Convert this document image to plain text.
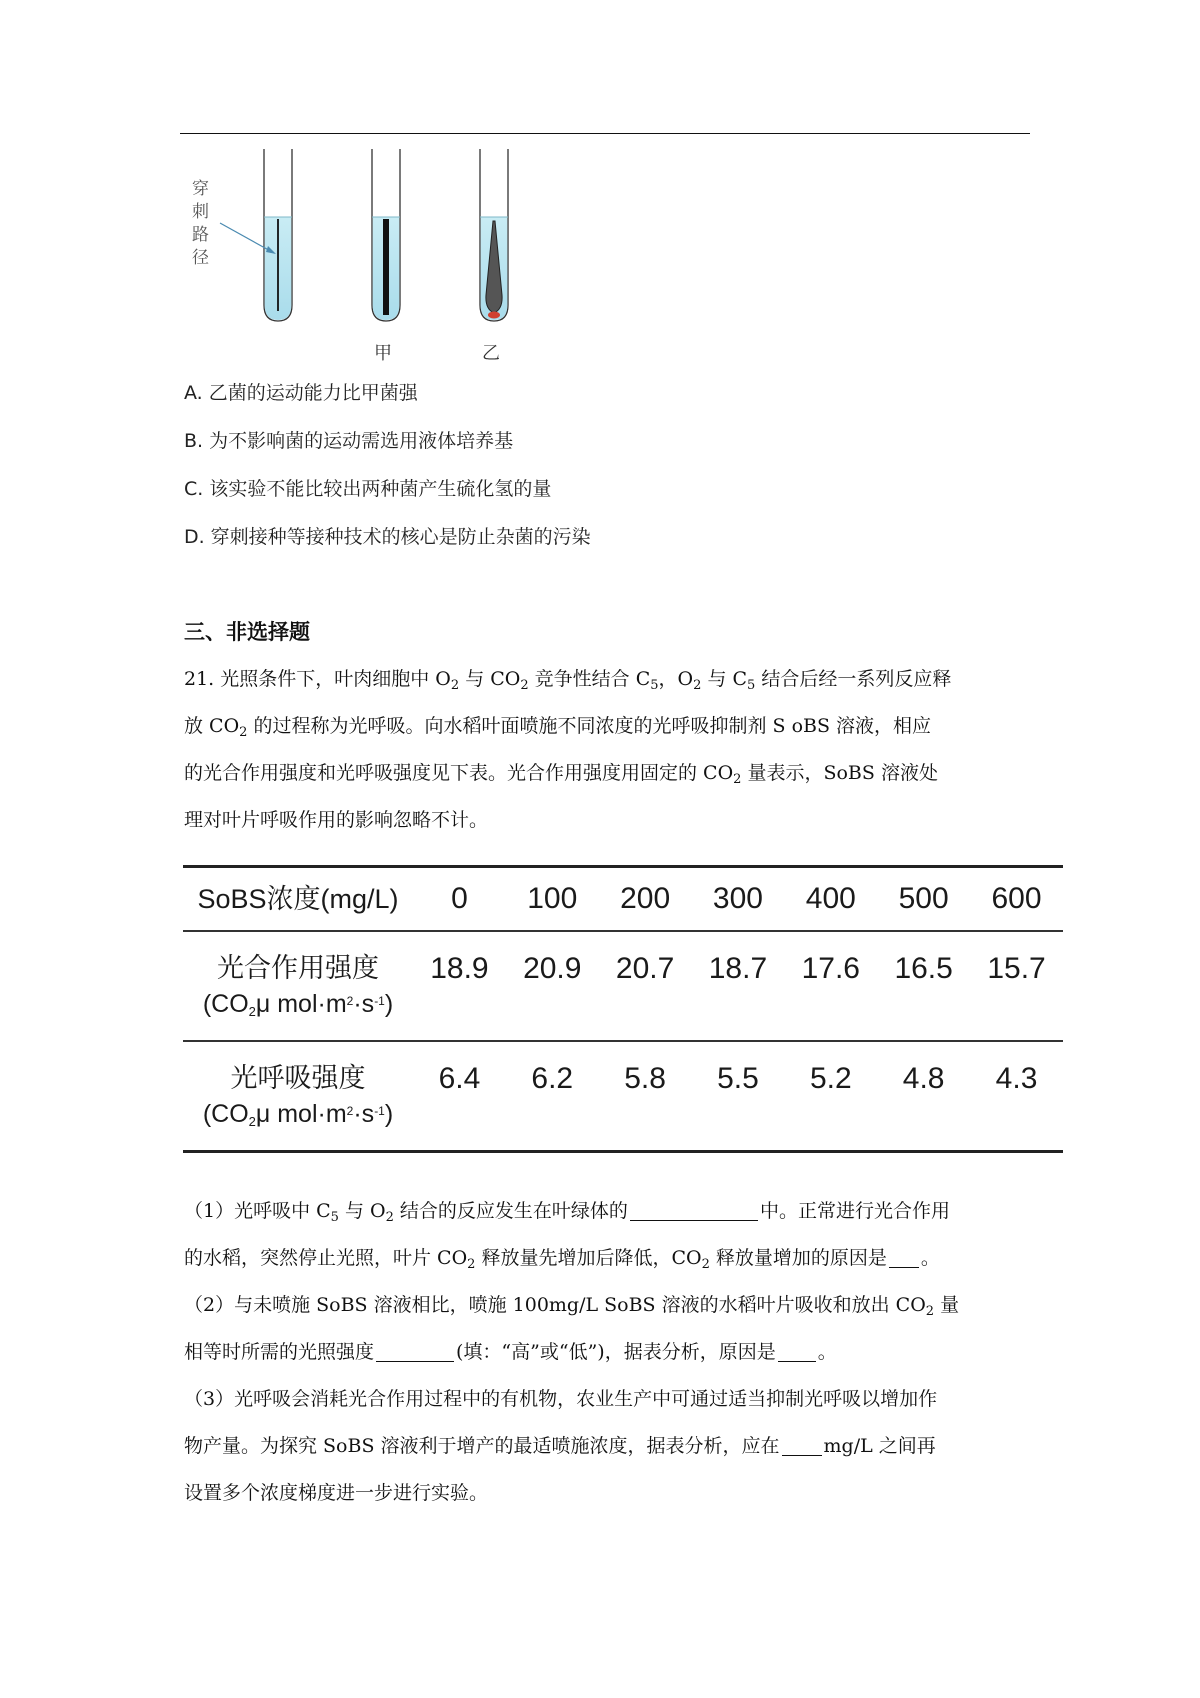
穿刺路径
甲	乙
A. 乙菌的运动能力比甲菌强
B. 为不影响菌的运动需选用液体培养基
C. 该实验不能比较出两种菌产生硫化氢的量
D. 穿刺接种等接种技术的核心是防止杂菌的污染
三、非选择题
21. 光照条件下，叶肉细胞中 $O_2$ 与 $CO_2$ 竞争性结合 $C_5$，$O_2$ 与 $C_5$ 结合后经一系列反应释
放 $CO_2$ 的过程称为光呼吸。向水稻叶面喷施不同浓度的光呼吸抑制剂 S oBS 溶液，相应
的光合作用强度和光呼吸强度见下表。光合作用强度用固定的 $CO_2$ 量表示，SoBS 溶液处
理对叶片呼吸作用的影响忽略不计。
SoBS浓度(mg/L)	0	100	200	300	400	500	600

光合作用强度
($CO_2\mu$ $mol\cdot m^2\cdot s^{-1}$)	18.9	20.9	20.7	18.7	17.6	16.5	15.7

光呼吸强度
($CO_2\mu$ $mol\cdot m^2\cdot s^{-1}$)	6.4	6.2	5.8	5.5	5.2	4.8	4.3
（1）光呼吸中 $C_5$ 与 $O_2$ 结合的反应发生在叶绿体的	中。正常进行光合作用
的水稻，突然停止光照，叶片 $CO_2$ 释放量先增加后降低，$CO_2$ 释放量增加的原因是 。
（2）与未喷施 SoBS 溶液相比，喷施 100mg/L SoBS 溶液的水稻叶片吸收和放出 $CO_2$ 量
相等时所需的光照强度	(填：“高”或“低”)，据表分析，原因是 。
（3）光呼吸会消耗光合作用过程中的有机物，农业生产中可通过适当抑制光呼吸以增加作
物产量。为探究 SoBS 溶液利于增产的最适喷施浓度，据表分析，应在 mg/L 之间再
设置多个浓度梯度进一步进行实验。
